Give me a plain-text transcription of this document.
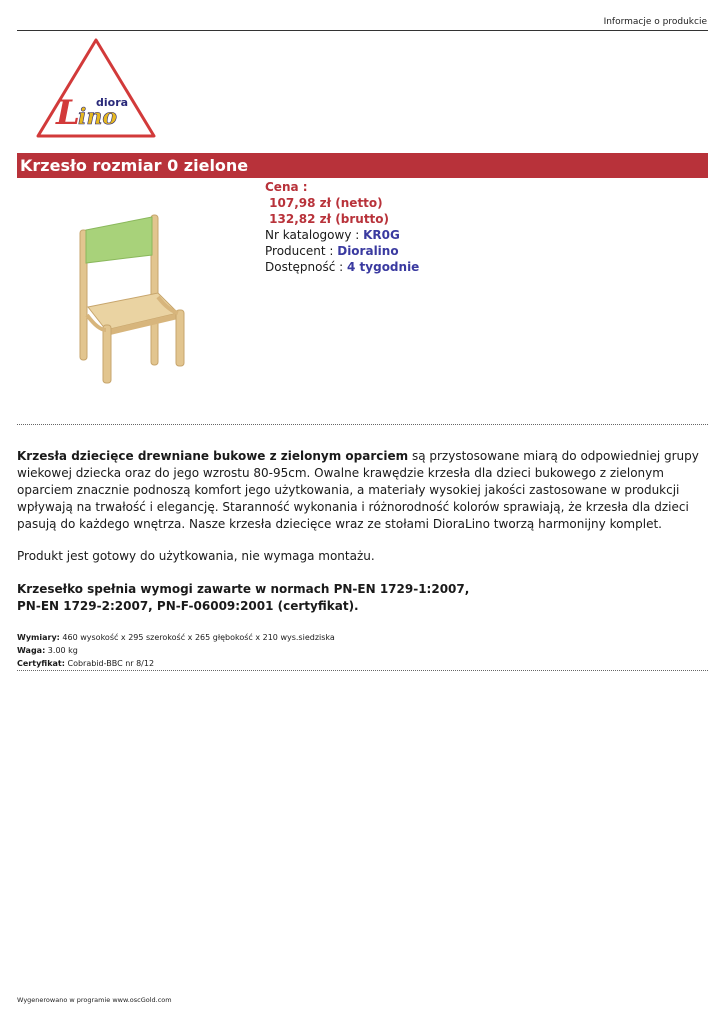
Informacje o produkcie
diora
L
ino
Krzesło rozmiar 0 zielone
Cena :
107,98 zł (netto)
132,82 zł (brutto)
Nr katalogowy : KR0G
Producent : Dioralino
Dostępność : 4 tygodnie

Krzesła dziecięce drewniane bukowe z zielonym oparciem są przystosowane miarą do odpowiedniej grupy wiekowej dziecka oraz do jego wzrostu 80-95cm. Owalne krawędzie krzesła dla dzieci bukowego z zielonym oparciem znacznie podnoszą komfort jego użytkowania, a materiały wysokiej jakości zastosowane w produkcji wpływają na trwałość i elegancję. Staranność wykonania i różnorodność kolorów sprawiają, że krzesła dla dzieci pasują do każdego wnętrza. Nasze krzesła dziecięce wraz ze stołami DioraLino tworzą harmonijny komplet.

Produkt jest gotowy do użytkowania, nie wymaga montażu.
Krzesełko spełnia wymogi zawarte w normach PN-EN 1729-1:2007,
PN-EN 1729-2:2007, PN-F-06009:2001 (certyfikat).
Wymiary: 460 wysokość x 295 szerokość x 265 głębokość x 210 wys.siedziska
Waga: 3.00 kg
Certyfikat: Cobrabid-BBC nr 8/12
Wygenerowano w programie www.oscGold.com
